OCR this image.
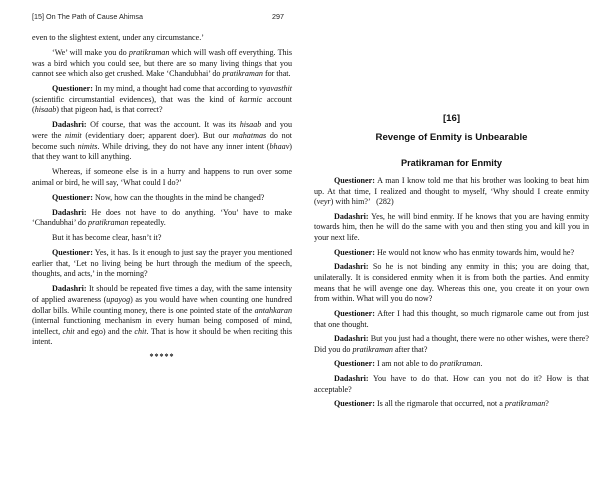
[15] On The Path of Cause Ahimsa	297

even to the slightest extent, under any circumstance.’

‘We’ will make you do pratikraman which will wash off everything. This was a bird which you could see, but there are so many living things that you cannot see which also get crushed. Make ‘Chandubhai’ do pratikraman for that.

Questioner: In my mind, a thought had come that according to vyavasthit (scientific circumstantial evidences), that was the kind of karmic account (hisaab) that pigeon had, is that correct?

Dadashri: Of course, that was the account. It was its hisaab and you were the nimit (evidentiary doer; apparent doer). But our mahatmas do not become such nimits. While driving, they do not have any inner intent (bhaav) that they want to kill anything.

Whereas, if someone else is in a hurry and happens to run over some animal or bird, he will say, ‘What could I do?’

Questioner: Now, how can the thoughts in the mind be changed?

Dadashri: He does not have to do anything. ‘You’ have to make ‘Chandubhai’ do pratikraman repeatedly.

But it has become clear, hasn’t it?

Questioner: Yes, it has. Is it enough to just say the prayer you mentioned earlier that, ‘Let no living being be hurt through the medium of the speech, thoughts, and acts,’ in the morning?

Dadashri: It should be repeated five times a day, with the same intensity of applied awareness (upayog) as you would have when counting one hundred dollar bills. While counting money, there is one pointed state of the antahkaran (internal functioning mechanism in every human being composed of mind, intellect, chit and ego) and the chit. That is how it should be when reciting this intent.

*****
[16]
Revenge of Enmity is Unbearable
Pratikraman for Enmity

Questioner: A man I know told me that his brother was looking to beat him up. At that time, I realized and thought to myself, ‘Why should I create enmity (veyr) with him?’   (282)

Dadashri: Yes, he will bind enmity. If he knows that you are having enmity towards him, then he will do the same with you and then sting you and kill you in your next life.

Questioner: He would not know who has enmity towards him, would he?

Dadashri: So he is not binding any enmity in this; you are doing that, unilaterally. It is considered enmity when it is from both the parties. And enmity means that he will avenge one day. Whereas this one, you create it on your own from within. What will you do now?

Questioner: After I had this thought, so much rigmarole came out from just that one thought.

Dadashri: But you just had a thought, there were no other wishes, were there? Did you do pratikraman after that?

Questioner: I am not able to do pratikraman.

Dadashri: You have to do that. How can you not do it? How is that acceptable?

Questioner: Is all the rigmarole that occurred, not a pratikraman?
